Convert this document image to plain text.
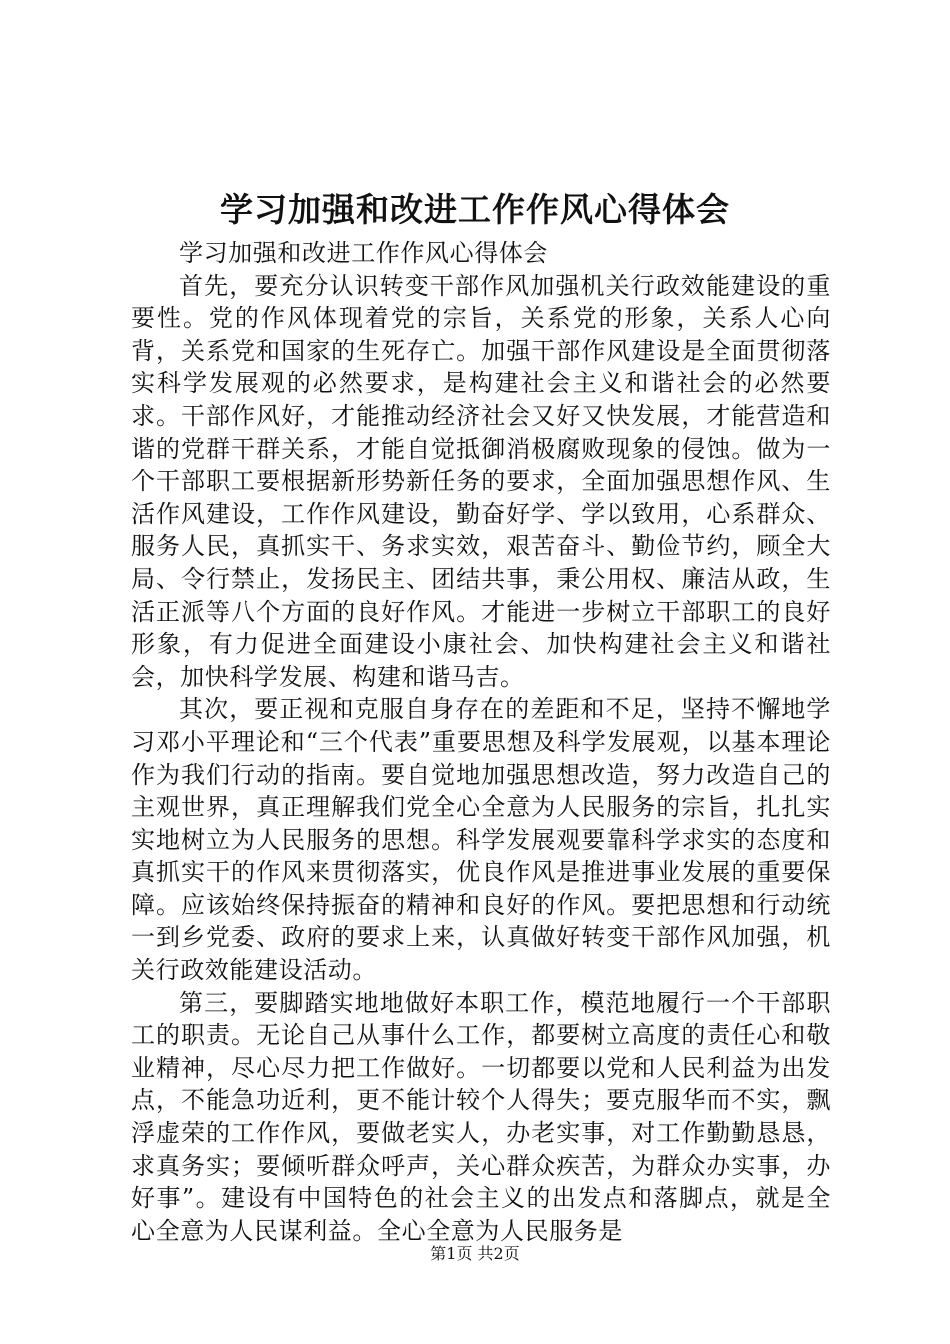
学习加强和改进工作作风心得体会

学习加强和改进工作作风心得体会

首先，要充分认识转变干部作风加强机关行政效能建设的重要性。党的作风体现着党的宗旨，关系党的形象，关系人心向背，关系党和国家的生死存亡。加强干部作风建设是全面贯彻落实科学发展观的必然要求，是构建社会主义和谐社会的必然要求。干部作风好，才能推动经济社会又好又快发展，才能营造和谐的党群干群关系，才能自觉抵御消极腐败现象的侵蚀。做为一个干部职工要根据新形势新任务的要求，全面加强思想作风、生活作风建设，工作作风建设，勤奋好学、学以致用，心系群众、服务人民，真抓实干、务求实效，艰苦奋斗、勤俭节约，顾全大局、令行禁止，发扬民主、团结共事，秉公用权、廉洁从政，生活正派等八个方面的良好作风。才能进一步树立干部职工的良好形象，有力促进全面建设小康社会、加快构建社会主义和谐社会，加快科学发展、构建和谐马吉。

其次，要正视和克服自身存在的差距和不足，坚持不懈地学习邓小平理论和“三个代表”重要思想及科学发展观，以基本理论作为我们行动的指南。要自觉地加强思想改造，努力改造自己的主观世界，真正理解我们党全心全意为人民服务的宗旨，扎扎实实地树立为人民服务的思想。科学发展观要靠科学求实的态度和真抓实干的作风来贯彻落实，优良作风是推进事业发展的重要保障。应该始终保持振奋的精神和良好的作风。要把思想和行动统一到乡党委、政府的要求上来，认真做好转变干部作风加强，机关行政效能建设活动。

第三，要脚踏实地地做好本职工作，模范地履行一个干部职工的职责。无论自己从事什么工作，都要树立高度的责任心和敬业精神，尽心尽力把工作做好。一切都要以党和人民利益为出发点，不能急功近利，更不能计较个人得失；要克服华而不实，飘浮虚荣的工作作风，要做老实人，办老实事，对工作勤勤恳恳，求真务实；要倾听群众呼声，关心群众疾苦，为群众办实事，办好事”。建设有中国特色的社会主义的出发点和落脚点，就是全心全意为人民谋利益。全心全意为人民服务是

第1页 共2页
